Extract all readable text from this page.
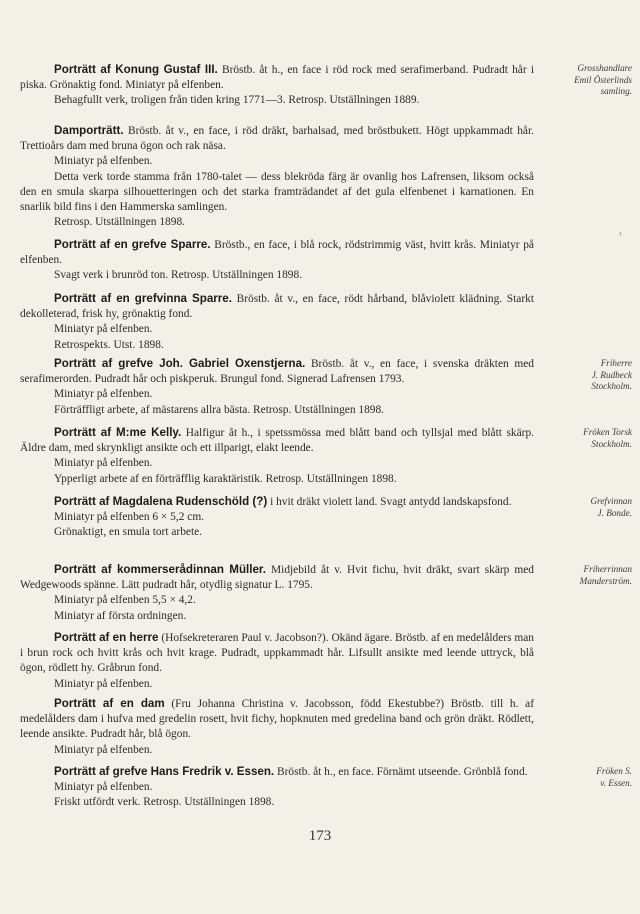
Porträtt af Konung Gustaf III. Bröstb. åt h., en face i röd rock med serafimerband. Pudradt hår i piska. Grönaktig fond. Miniatyr på elfenben.

Behagfullt verk, troligen från tiden kring 1771—3. Retrosp. Utställningen 1889.

Grosshandlare
Emil Österlinds
samling.

Damporträtt. Bröstb. åt v., en face, i röd dräkt, barhalsad, med bröstbukett. Högt uppkammadt hår. Trettioårs dam med bruna ögon och rak näsa.

Miniatyr på elfenben.

Detta verk torde stamma från 1780-talet — dess blekröda färg är ovanlig hos Lafrensen, liksom också den en smula skarpa silhouetteringen och det starka framträdandet af det gula elfenbenet i karnationen. En snarlik bild fins i den Hammerska samlingen.

Retrosp. Utställningen 1898.

Porträtt af en grefve Sparre. Bröstb., en face, i blå rock, rödstrimmig väst, hvitt krås. Miniatyr på elfenben.

Svagt verk i brunröd ton. Retrosp. Utställningen 1898.

Porträtt af en grefvinna Sparre. Bröstb. åt v., en face, rödt hårband, blåviolett klädning. Starkt dekolleterad, frisk hy, grönaktig fond.

Miniatyr på elfenben.

Retrospekts. Utst. 1898.

Porträtt af grefve Joh. Gabriel Oxenstjerna. Bröstb. åt v., en face, i svenska dräkten med serafimerorden. Pudradt hår och piskperuk. Brungul fond. Signerad Lafrensen 1793.

Miniatyr på elfenben.

Förträffligt arbete, af mästarens allra bästa. Retrosp. Utställningen 1898.

Friherre
J. Rudbeck
Stockholm.

Porträtt af M:me Kelly. Halfigur åt h., i spetssmössa med blått band och tyllsjal med blått skärp. Äldre dam, med skrynkligt ansikte och ett illparigt, elakt leende.

Miniatyr på elfenben.

Ypperligt arbete af en förträfflig karaktäristik. Retrosp. Utställningen 1898.

Fröken Torsk
Stockholm.

Porträtt af Magdalena Rudenschöld (?) i hvit dräkt violett land. Svagt antydd landskapsfond.

Miniatyr på elfenben 6 × 5,2 cm.

Grönaktigt, en smula tort arbete.

Grefvinnan
J. Bonde.

Porträtt af kommerserådinnan Müller. Midjebild åt v. Hvit fichu, hvit dräkt, svart skärp med Wedgewoods spänne. Lätt pudradt hår, otydlig signatur L. 1795.

Miniatyr på elfenben 5,5 × 4,2.

Miniatyr af första ordningen.

Friherrinnan
Manderström.

Porträtt af en herre (Hofsekreteraren Paul v. Jacobson?). Okänd ägare. Bröstb. af en medelålders man i brun rock och hvitt krås och hvit krage. Pudradt, uppkammadt hår. Lifsullt ansikte med leende uttryck, blå ögon, rödlett hy. Gråbrun fond.

Miniatyr på elfenben.

Porträtt af en dam (Fru Johanna Christina v. Jacobsson, född Ekestubbe?) Bröstb. till h. af medelålders dam i hufva med gredelin rosett, hvit fichy, hopknuten med gredelina band och grön dräkt. Rödlett, leende ansikte. Pudradt hår, blå ögon.

Miniatyr på elfenben.

Porträtt af grefve Hans Fredrik v. Essen. Bröstb. åt h., en face. Förnämt utseende. Grönblå fond.

Miniatyr på elfenben.

Friskt utfördt verk. Retrosp. Utställningen 1898.

Fröken S.
v. Essen.
‹
173
